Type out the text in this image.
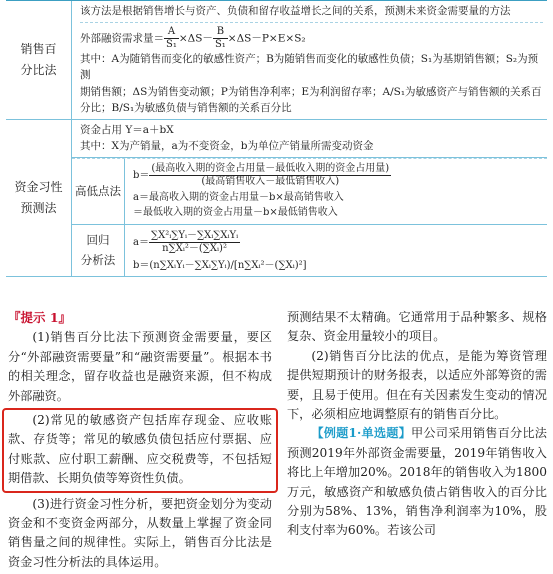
销售百
分比法

该方法是根据销售增长与资产、负债和留存收益增长之间的关系，预测未来资金需要量的方法

外部融资需求量＝ $\frac{A}{\text{S₁}} \times\Delta S- \frac{B}{\text{S₁}} \times\Delta S-P\times E\times S_2$

其中：A为随销售而变化的敏感性资产；B为随销售而变化的敏感性负债；S₁为基期销售额；S₂为预测

期销售额；ΔS为销售变动额；P为销售净利率；E为利润留存率；A/S₁为敏感资产与销售额的关系百

分比；B/S₁为敏感负债与销售额的关系百分比

资金习性
预测法

资金占用 Y＝a＋bX

其中：X为产销量，a为不变资金，b为单位产销量所需变动资金

高低点法

$b= \frac{\text{(最高收入期的资金占用量－最低收入期的资金占用量)}}{\text{(最高销售收入－最低销售收入)}}$

a＝最高收入期的资金占用量－b×最高销售收入

＝最低收入期的资金占用量－b×最低销售收入

回归
分析法

$a= \frac{\text{∑X²ᵢ∑Yᵢ－∑Xᵢ∑XᵢYᵢ}}{\text{n∑Xᵢ²－(∑Xᵢ)²}}$

b＝(n∑XᵢYᵢ－∑Xᵢ∑Yᵢ)/[n∑Xᵢ²－(∑Xᵢ)²]

『提示 1』

(1)销售百分比法下预测资金需要量，要区分“外部融资需要量”和“融资需要量”。根据本书的相关理念，留存收益也是融资来源，但不构成外部融资。

(2)常见的敏感资产包括库存现金、应收账款、存货等；常见的敏感负债包括应付票据、应付账款、应付职工薪酬、应交税费等，不包括短期借款、长期负债等筹资性负债。

(3)进行资金习性分析，要把资金划分为变动资金和不变资金两部分，从数量上掌握了资金同销售量之间的规律性。实际上，销售百分比法是资金习性分析法的具体运用。

预测结果不太精确。它通常用于品种繁多、规格复杂、资金用量较小的项目。

(2)销售百分比法的优点，是能为筹资管理提供短期预计的财务报表，以适应外部筹资的需要，且易于使用。但在有关因素发生变动的情况下，必须相应地调整原有的销售百分比。

【例题1·单选题】甲公司采用销售百分比法预测2019年外部资金需要量，2019年销售收入将比上年增加20%。2018年的销售收入为1800万元，敏感资产和敏感负债占销售收入的百分比分别为58%、13%，销售净利润率为10%，股利支付率为60%。若该公司
